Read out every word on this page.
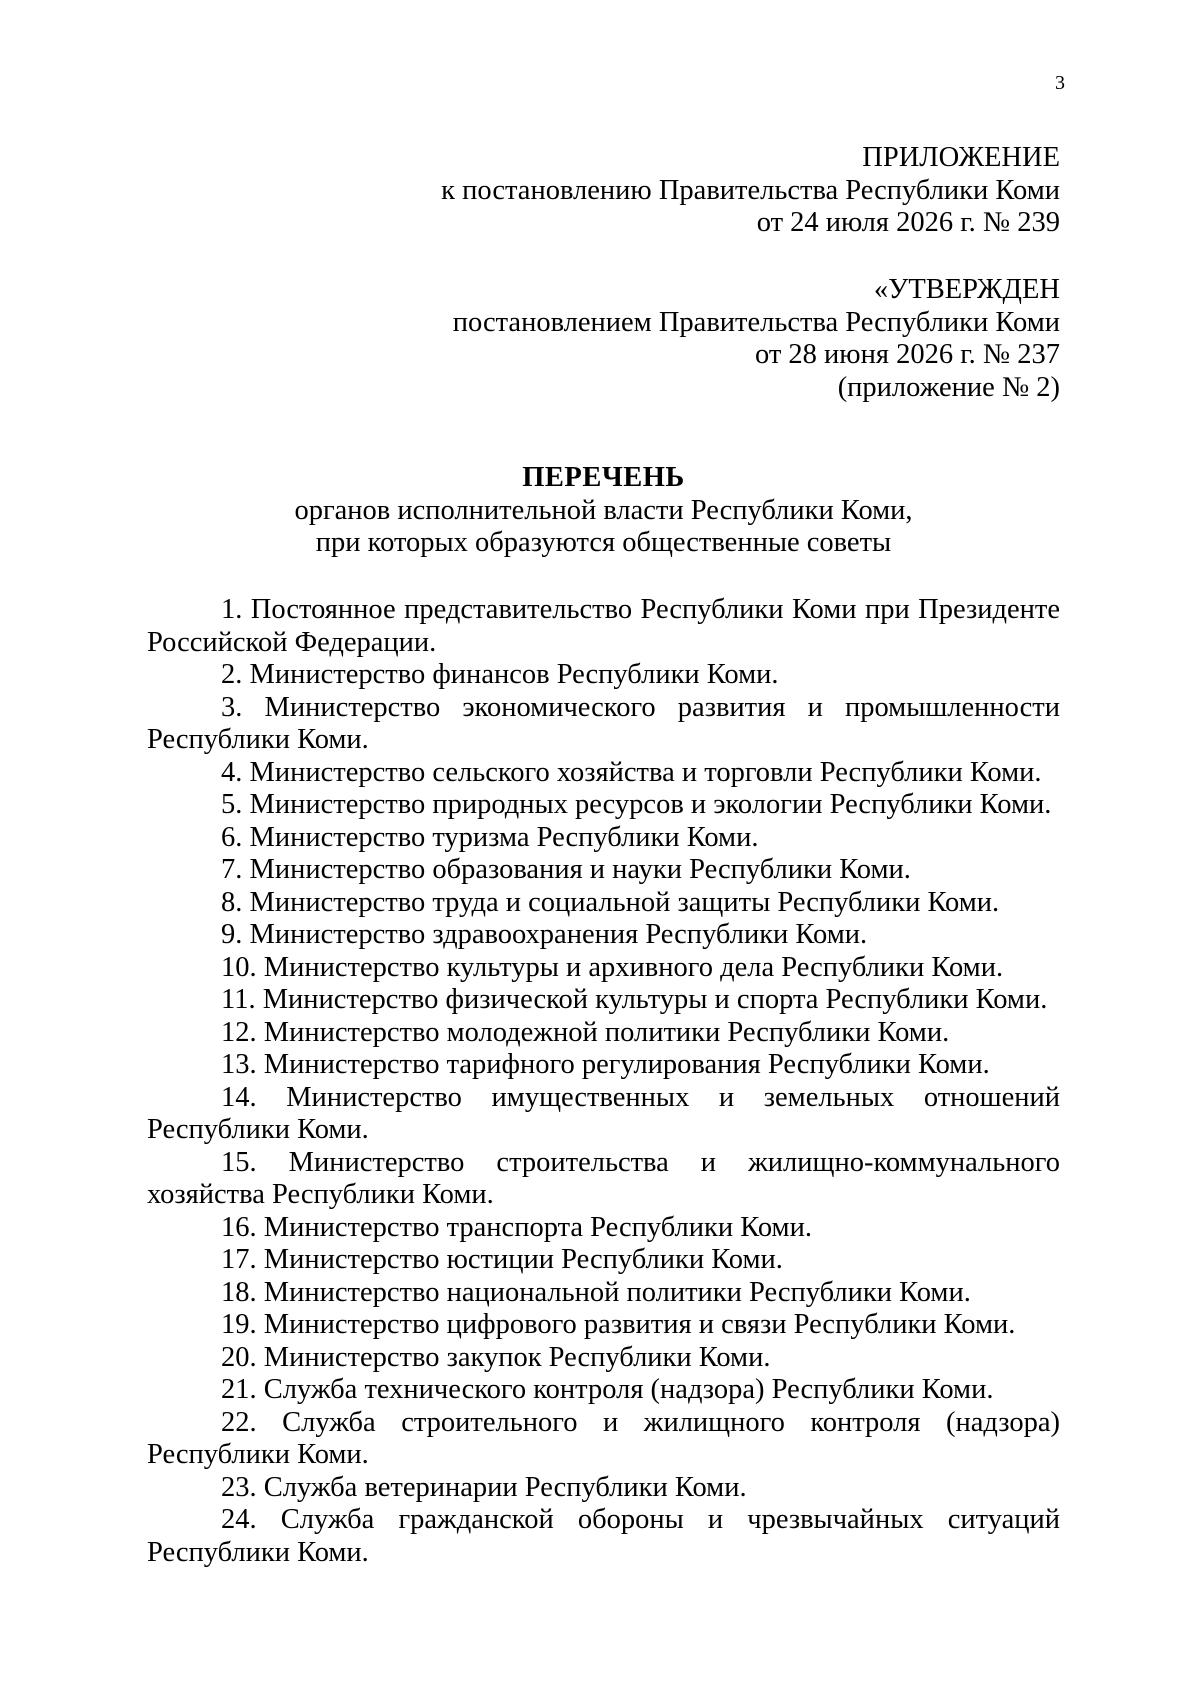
3
ПРИЛОЖЕНИЕ
к постановлению Правительства Республики Коми
от 24 июля 2026 г. № 239
«УТВЕРЖДЕН
постановлением Правительства Республики Коми
от 28 июня 2026 г. № 237
(приложение № 2)
ПЕРЕЧЕНЬ
органов исполнительной власти Республики Коми,
при которых образуются общественные советы
1. Постоянное представительство Республики Коми при Президенте Российской Федерации.
2. Министерство финансов Республики Коми.
3. Министерство экономического развития и промышленности Республики Коми.
4. Министерство сельского хозяйства и торговли Республики Коми.
5. Министерство природных ресурсов и экологии Республики Коми.
6. Министерство туризма Республики Коми.
7. Министерство образования и науки Республики Коми.
8. Министерство труда и социальной защиты Республики Коми.
9. Министерство здравоохранения Республики Коми.
10. Министерство культуры и архивного дела Республики Коми.
11. Министерство физической культуры и спорта Республики Коми.
12. Министерство молодежной политики Республики Коми.
13. Министерство тарифного регулирования Республики Коми.
14. Министерство имущественных и земельных отношений Республики Коми.
15. Министерство строительства и жилищно-коммунального хозяйства Республики Коми.
16. Министерство транспорта Республики Коми.
17. Министерство юстиции Республики Коми.
18. Министерство национальной политики Республики Коми.
19. Министерство цифрового развития и связи Республики Коми.
20. Министерство закупок Республики Коми.
21. Служба технического контроля (надзора) Республики Коми.
22. Служба строительного и жилищного контроля (надзора) Республики Коми.
23. Служба ветеринарии Республики Коми.
24. Служба гражданской обороны и чрезвычайных ситуаций Республики Коми.
